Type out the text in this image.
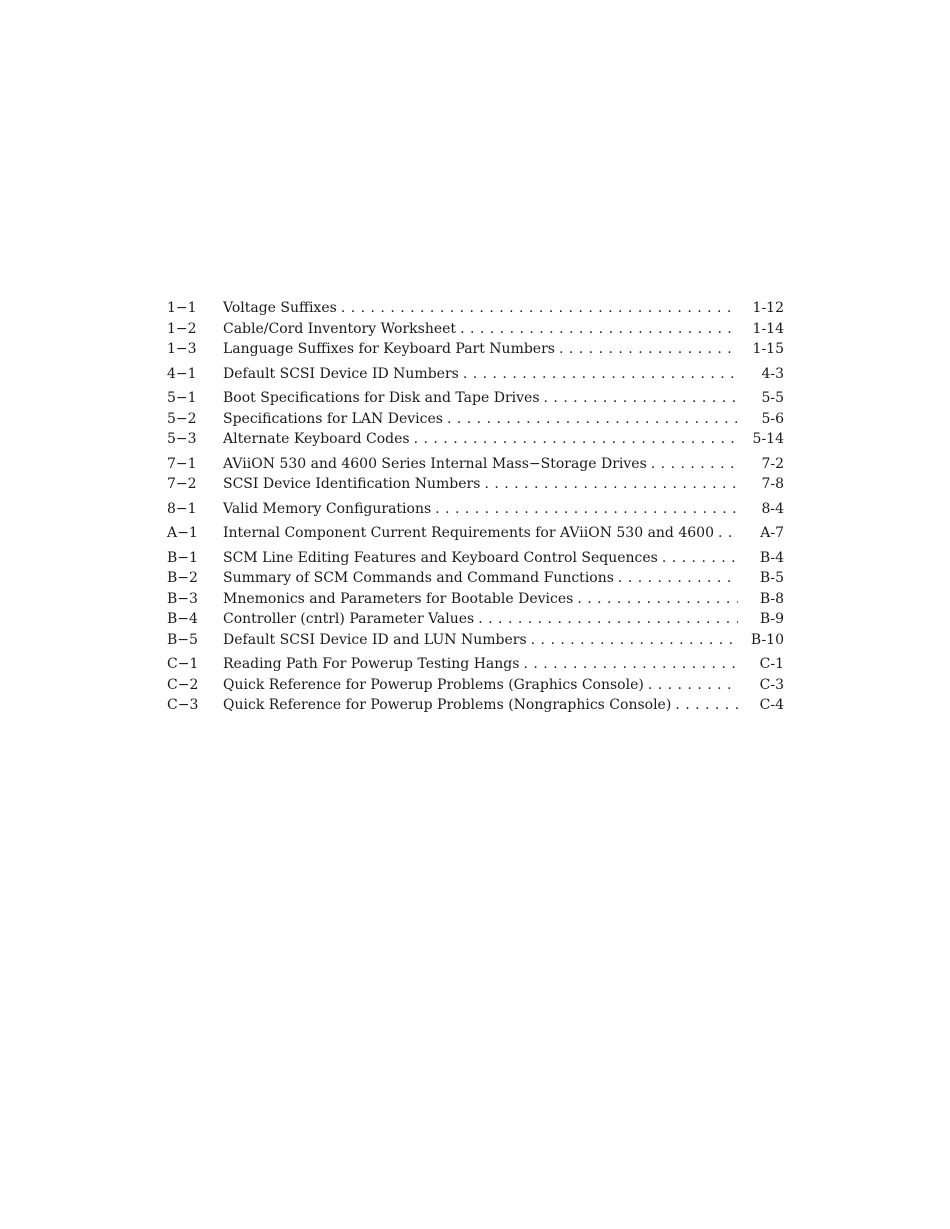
1−1	Voltage Suffixes . . .	1-12
1−2	Cable/Cord Inventory Worksheet . . .	1-14
1−3	Language Suffixes for Keyboard Part Numbers . . .	1-15
4−1	Default SCSI Device ID Numbers . . .	4-3
5−1	Boot Specifications for Disk and Tape Drives . . .	5-5
5−2	Specifications for LAN Devices . . .	5-6
5−3	Alternate Keyboard Codes . . .	5-14
7−1	AViiON 530 and 4600 Series Internal Mass−Storage Drives . . .	7-2
7−2	SCSI Device Identification Numbers . . .	7-8
8−1	Valid Memory Configurations . . .	8-4
A−1	Internal Component Current Requirements for AViiON 530 and 4600 . . .	A-7
B−1	SCM Line Editing Features and Keyboard Control Sequences . . .	B-4
B−2	Summary of SCM Commands and Command Functions . . .	B-5
B−3	Mnemonics and Parameters for Bootable Devices . . .	B-8
B−4	Controller (cntrl) Parameter Values . . .	B-9
B−5	Default SCSI Device ID and LUN Numbers . . .	B-10
C−1	Reading Path For Powerup Testing Hangs . . .	C-1
C−2	Quick Reference for Powerup Problems (Graphics Console) . . .	C-3
C−3	Quick Reference for Powerup Problems (Nongraphics Console) . . .	C-4
